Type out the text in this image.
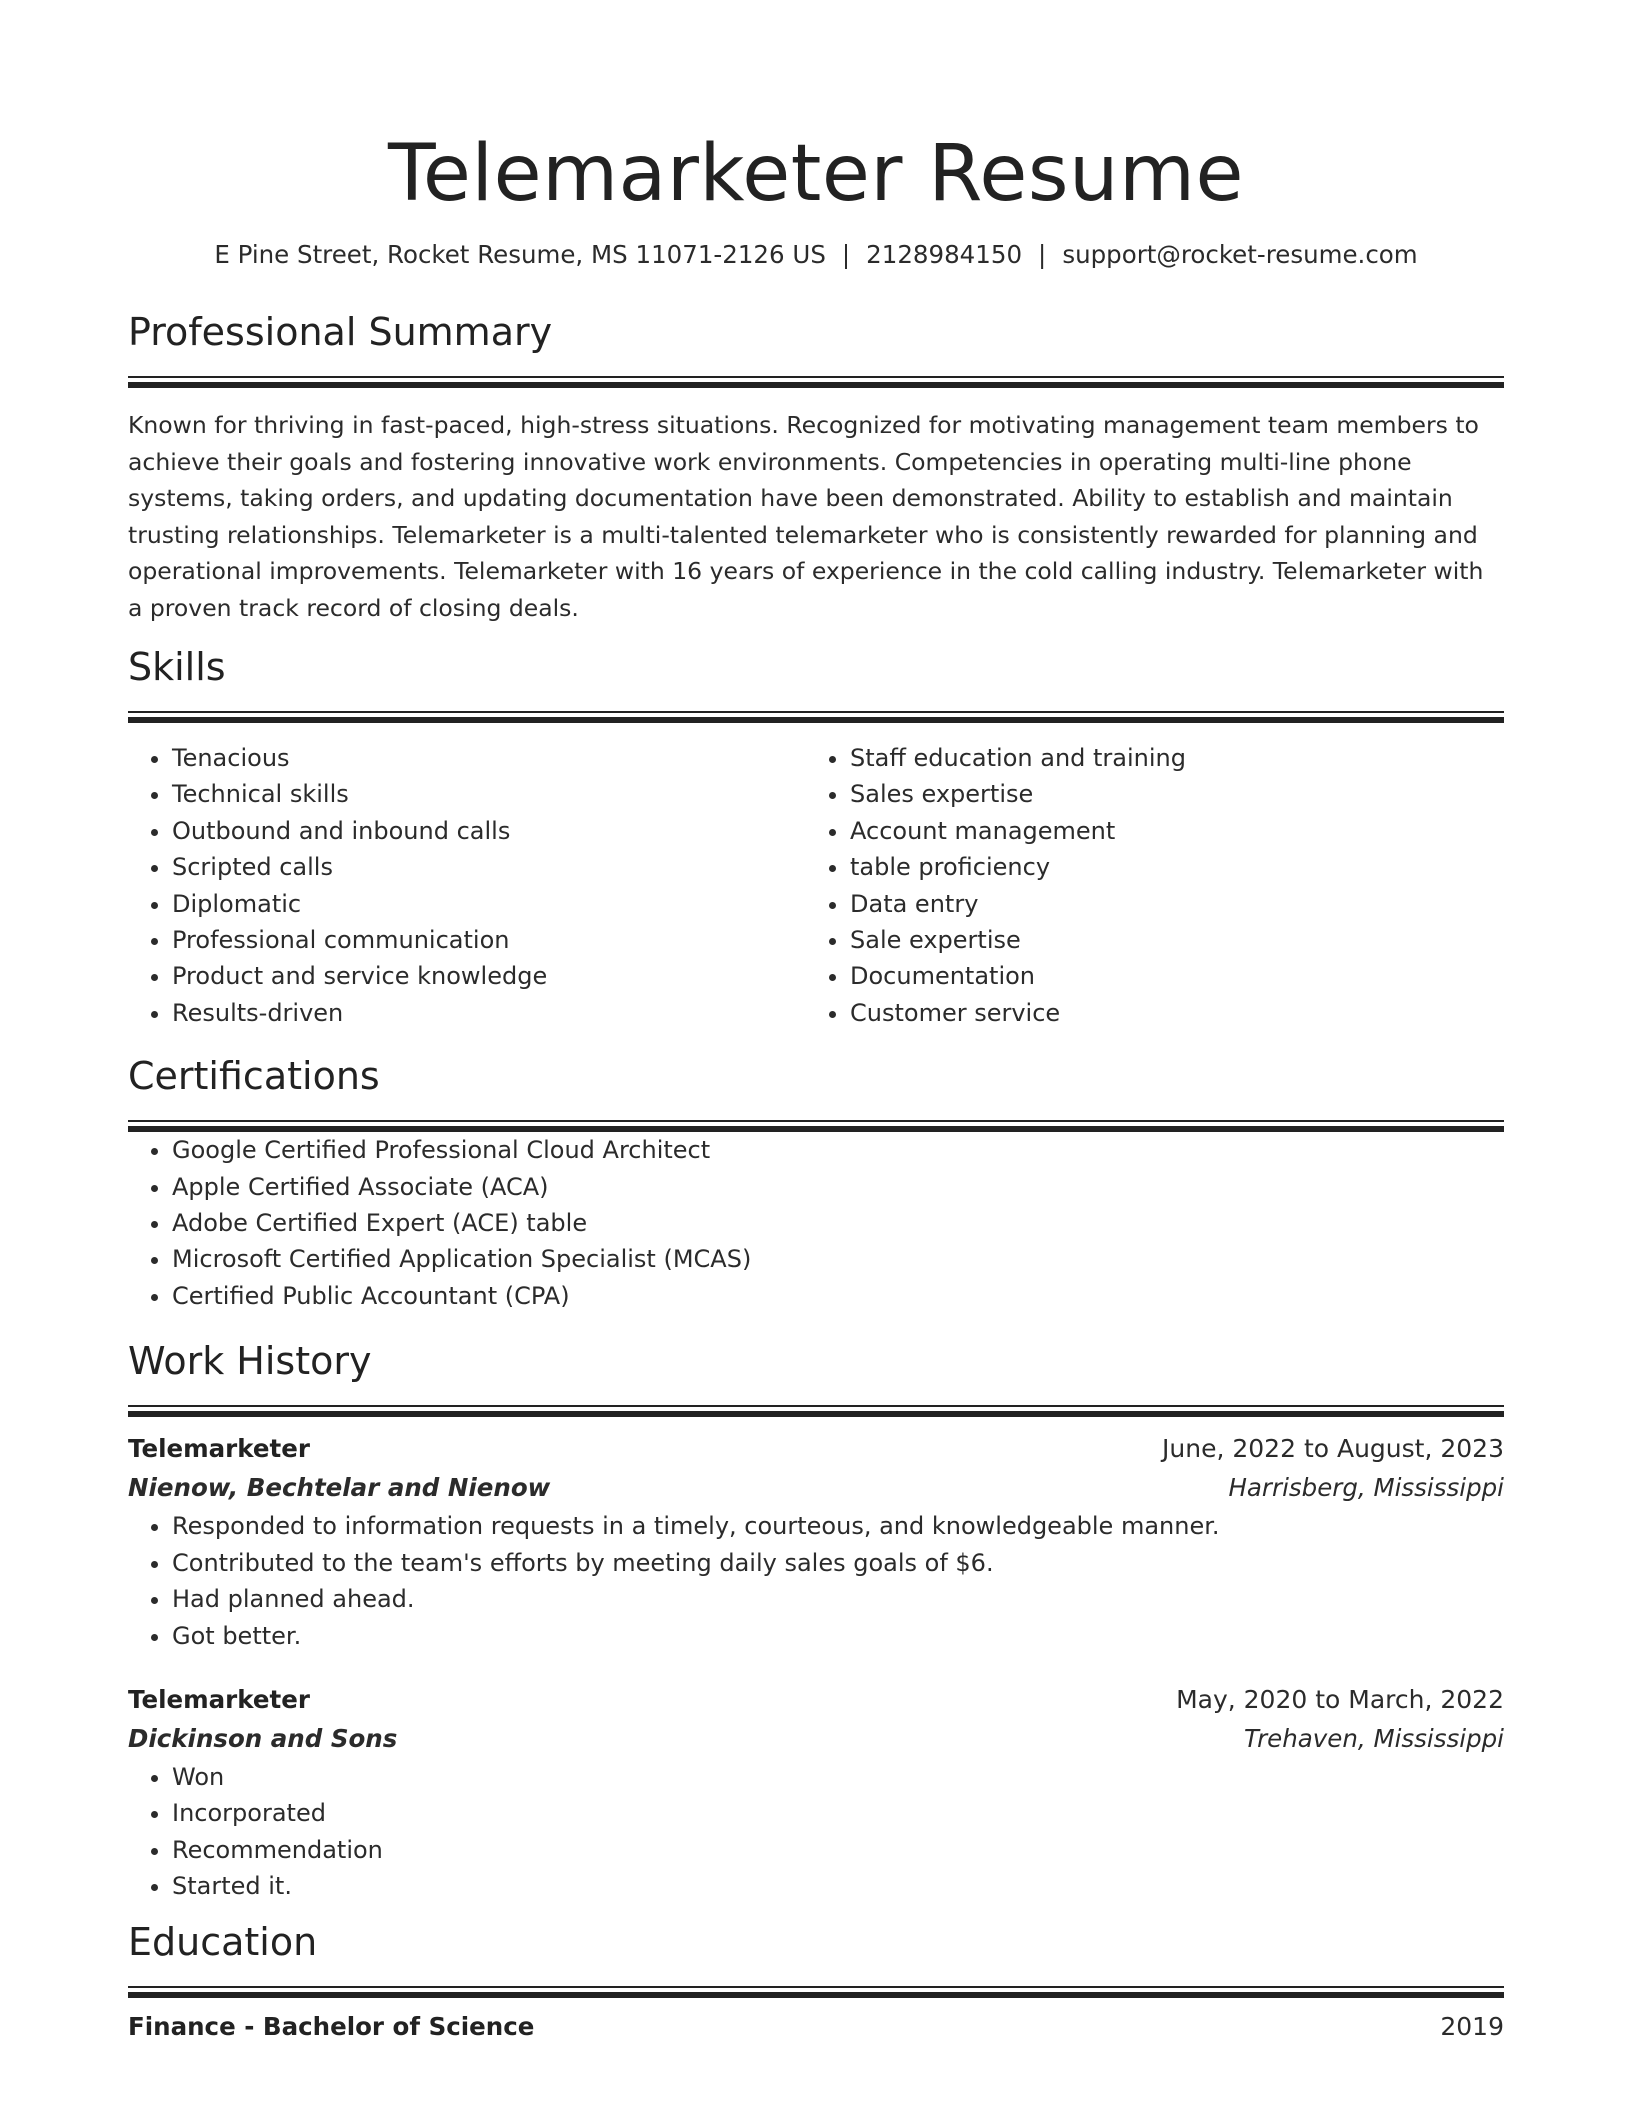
Telemarketer Resume
E Pine Street, Rocket Resume, MS 11071-2126 US | 2128984150 | support@rocket-resume.com
Professional Summary

Known for thriving in fast-paced, high-stress situations. Recognized for motivating management team members to achieve their goals and fostering innovative work environments. Competencies in operating multi-line phone systems, taking orders, and updating documentation have been demonstrated. Ability to establish and maintain trusting relationships. Telemarketer is a multi-talented telemarketer who is consistently rewarded for planning and operational improvements. Telemarketer with 16 years of experience in the cold calling industry. Telemarketer with a proven track record of closing deals.

Skills
• Tenacious
• Technical skills
• Outbound and inbound calls
• Scripted calls
• Diplomatic
• Professional communication
• Product and service knowledge
• Results-driven
• Staff education and training
• Sales expertise
• Account management
• table proficiency
• Data entry
• Sale expertise
• Documentation
• Customer service
Certifications
• Google Certified Professional Cloud Architect
• Apple Certified Associate (ACA)
• Adobe Certified Expert (ACE) table
• Microsoft Certified Application Specialist (MCAS)
• Certified Public Accountant (CPA)
Work History
Telemarketer	June, 2022 to August, 2023
Nienow, Bechtelar and Nienow	Harrisberg, Mississippi
• Responded to information requests in a timely, courteous, and knowledgeable manner.
• Contributed to the team's efforts by meeting daily sales goals of $6.
• Had planned ahead.
• Got better.
Telemarketer	May, 2020 to March, 2022
Dickinson and Sons	Trehaven, Mississippi
• Won
• Incorporated
• Recommendation
• Started it.
Education
Finance - Bachelor of Science	2019
